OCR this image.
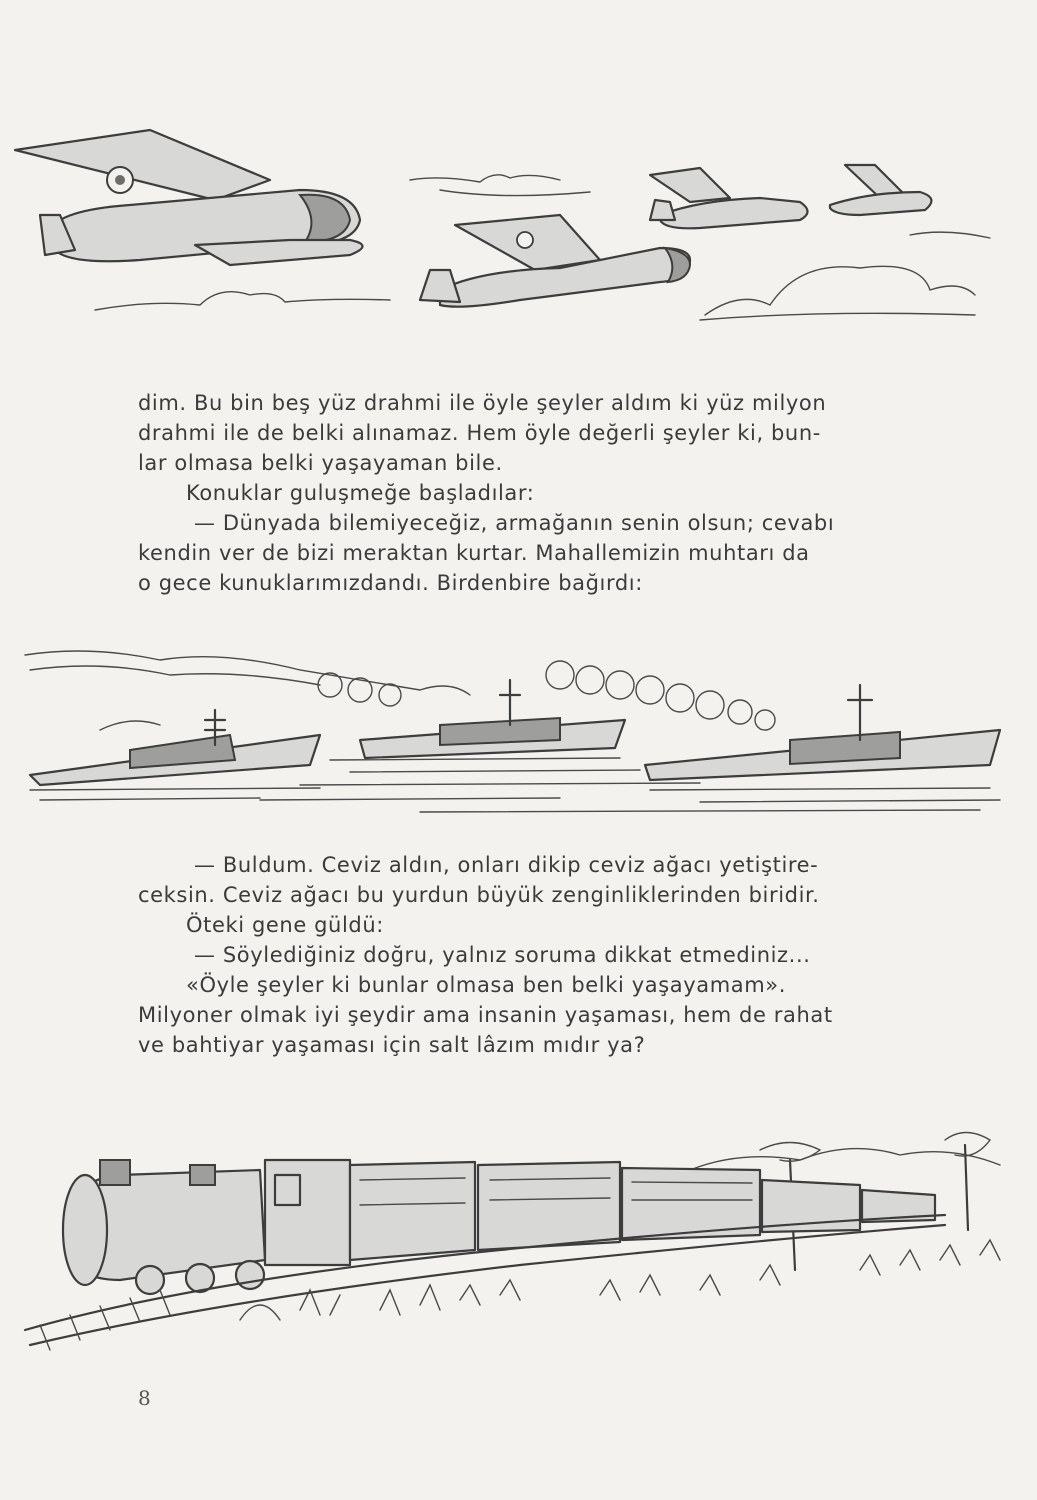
dim. Bu bin beş yüz drahmi ile öyle şeyler aldım ki yüz milyon

drahmi ile de belki alınamaz. Hem öyle değerli şeyler ki, bun-

lar olmasa belki yaşayaman bile.

Konuklar guluşmeğe başladılar:

— Dünyada bilemiyeceğiz, armağanın senin olsun; cevabı

kendin ver de bizi meraktan kurtar. Mahallemizin muhtarı da

o gece kunuklarımızdandı. Birdenbire bağırdı:

— Buldum. Ceviz aldın, onları dikip ceviz ağacı yetiştire-

ceksin. Ceviz ağacı bu yurdun büyük zenginliklerinden biridir.

Öteki gene güldü:

— Söylediğiniz doğru, yalnız soruma dikkat etmediniz...

«Öyle şeyler ki bunlar olmasa ben belki yaşayamam».

Milyoner olmak iyi şeydir ama insanin yaşaması, hem de rahat

ve bahtiyar yaşaması için salt lâzım mıdır ya?

8
